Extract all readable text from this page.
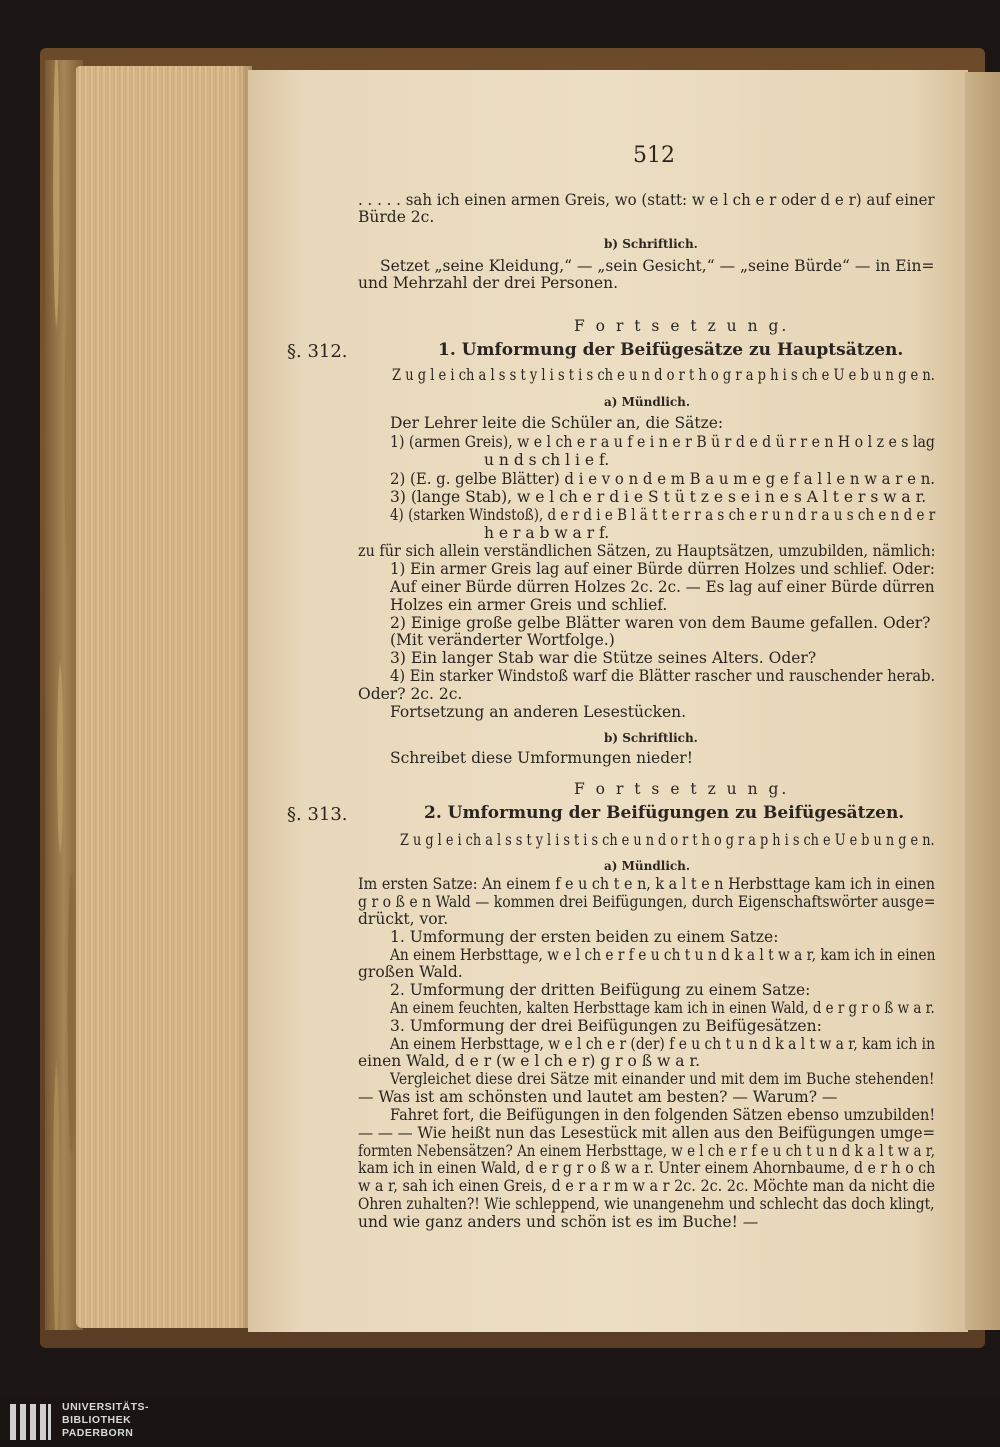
512
. . . . . sah ich einen armen Greis, wo (statt: w e l ch e r oder d e r) auf einer
Bürde 2c.
b) Schriftlich.
Setzet „seine Kleidung,“ — „sein Gesicht,“ — „seine Bürde“ — in Ein=
und Mehrzahl der drei Personen.
F o r t s e t z u n g.
1. Umformung der Beifügesätze zu Hauptsätzen.
Z u g l e i ch a l s s t y l i s t i s ch e u n d o r t h o g r a p h i s ch e U e b u n g e n.
a) Mündlich.
Der Lehrer leite die Schüler an, die Sätze:
1) (armen Greis), w e l ch e r a u f e i n e r B ü r d e d ü r r e n H o l z e s lag
u n d s ch l i e f.
2) (E. g. gelbe Blätter) d i e v o n d e m B a u m e g e f a l l e n w a r e n.
3) (lange Stab), w e l ch e r d i e S t ü t z e s e i n e s A l t e r s w a r.
4) (starken Windstoß), d e r d i e B l ä t t e r r a s ch e r u n d r a u s ch e n d e r
h e r a b w a r f.
zu für sich allein verständlichen Sätzen, zu Hauptsätzen, umzubilden, nämlich:
1) Ein armer Greis lag auf einer Bürde dürren Holzes und schlief. Oder:
Auf einer Bürde dürren Holzes 2c. 2c. — Es lag auf einer Bürde dürren
Holzes ein armer Greis und schlief.
2) Einige große gelbe Blätter waren von dem Baume gefallen. Oder?
(Mit veränderter Wortfolge.)
3) Ein langer Stab war die Stütze seines Alters. Oder?
4) Ein starker Windstoß warf die Blätter rascher und rauschender herab.
Oder? 2c. 2c.
Fortsetzung an anderen Lesestücken.
b) Schriftlich.
Schreibet diese Umformungen nieder!
F o r t s e t z u n g.
2. Umformung der Beifügungen zu Beifügesätzen.
Z u g l e i ch a l s s t y l i s t i s ch e u n d o r t h o g r a p h i s ch e U e b u n g e n.
a) Mündlich.
Im ersten Satze: An einem f e u ch t e n, k a l t e n Herbsttage kam ich in einen
g r o ß e n Wald — kommen drei Beifügungen, durch Eigenschaftswörter ausge=
drückt, vor.
1. Umformung der ersten beiden zu einem Satze:
An einem Herbsttage, w e l ch e r f e u ch t u n d k a l t w a r, kam ich in einen
großen Wald.
2. Umformung der dritten Beifügung zu einem Satze:
An einem feuchten, kalten Herbsttage kam ich in einen Wald, d e r g r o ß w a r.
3. Umformung der drei Beifügungen zu Beifügesätzen:
An einem Herbsttage, w e l ch e r (der) f e u ch t u n d k a l t w a r, kam ich in
einen Wald, d e r (w e l ch e r) g r o ß w a r.
Vergleichet diese drei Sätze mit einander und mit dem im Buche stehenden!
— Was ist am schönsten und lautet am besten? — Warum? —
Fahret fort, die Beifügungen in den folgenden Sätzen ebenso umzubilden!
— — — Wie heißt nun das Lesestück mit allen aus den Beifügungen umge=
formten Nebensätzen? An einem Herbsttage, w e l ch e r f e u ch t u n d k a l t w a r,
kam ich in einen Wald, d e r g r o ß w a r. Unter einem Ahornbaume, d e r h o ch
w a r, sah ich einen Greis, d e r a r m w a r 2c. 2c. 2c. Möchte man da nicht die
Ohren zuhalten?! Wie schleppend, wie unangenehm und schlecht das doch klingt,
und wie ganz anders und schön ist es im Buche! —
§. 312.
§. 313.
UNIVERSITÄTS-
BIBLIOTHEK
PADERBORN
